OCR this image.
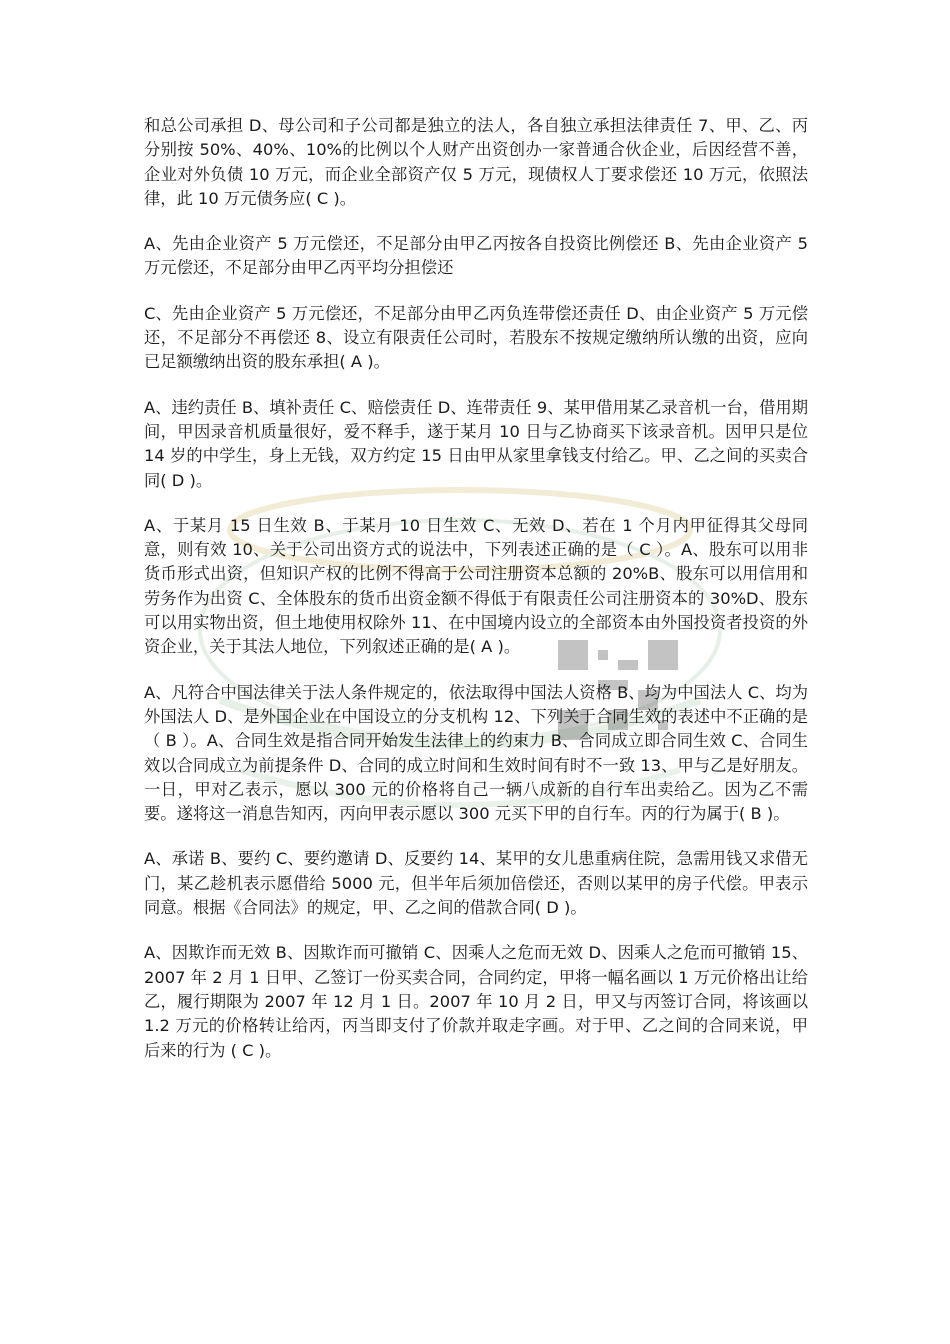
和总公司承担 D、母公司和子公司都是独立的法人，各自独立承担法律责任 7、甲、乙、丙分别按 50%、40%、10%的比例以个人财产出资创办一家普通合伙企业，后因经营不善，企业对外负债 10 万元，而企业全部资产仅 5 万元，现债权人丁要求偿还 10 万元，依照法律，此 10 万元债务应( C )。

A、先由企业资产 5 万元偿还，不足部分由甲乙丙按各自投资比例偿还 B、先由企业资产 5 万元偿还，不足部分由甲乙丙平均分担偿还

C、先由企业资产 5 万元偿还，不足部分由甲乙丙负连带偿还责任 D、由企业资产 5 万元偿还，不足部分不再偿还 8、设立有限责任公司时，若股东不按规定缴纳所认缴的出资，应向已足额缴纳出资的股东承担( A )。

A、违约责任 B、填补责任 C、赔偿责任 D、连带责任 9、某甲借用某乙录音机一台，借用期间，甲因录音机质量很好，爱不释手，遂于某月 10 日与乙协商买下该录音机。因甲只是位 14 岁的中学生，身上无钱，双方约定 15 日由甲从家里拿钱支付给乙。甲、乙之间的买卖合同( D )。

A、于某月 15 日生效 B、于某月 10 日生效 C、无效 D、若在 1 个月内甲征得其父母同意，则有效 10、关于公司出资方式的说法中，下列表述正确的是（ C ）。A、股东可以用非货币形式出资，但知识产权的比例不得高于公司注册资本总额的 20%B、股东可以用信用和劳务作为出资 C、全体股东的货币出资金额不得低于有限责任公司注册资本的 30%D、股东可以用实物出资，但土地使用权除外 11、在中国境内设立的全部资本由外国投资者投资的外资企业，关于其法人地位，下列叙述正确的是( A )。

A、凡符合中国法律关于法人条件规定的，依法取得中国法人资格 B、均为中国法人 C、均为外国法人 D、是外国企业在中国设立的分支机构 12、下列关于合同生效的表述中不正确的是（ B ）。A、合同生效是指合同开始发生法律上的约束力 B、合同成立即合同生效 C、合同生效以合同成立为前提条件 D、合同的成立时间和生效时间有时不一致 13、甲与乙是好朋友。一日，甲对乙表示，愿以 300 元的价格将自己一辆八成新的自行车出卖给乙。因为乙不需要。遂将这一消息告知丙，丙向甲表示愿以 300 元买下甲的自行车。丙的行为属于( B )。

A、承诺 B、要约 C、要约邀请 D、反要约 14、某甲的女儿患重病住院，急需用钱又求借无门，某乙趁机表示愿借给 5000 元，但半年后须加倍偿还，否则以某甲的房子代偿。甲表示同意。根据《合同法》的规定，甲、乙之间的借款合同( D )。

A、因欺诈而无效 B、因欺诈而可撤销 C、因乘人之危而无效 D、因乘人之危而可撤销 15、2007 年 2 月 1 日甲、乙签订一份买卖合同，合同约定，甲将一幅名画以 1 万元价格出让给乙，履行期限为 2007 年 12 月 1 日。2007 年 10 月 2 日，甲又与丙签订合同，将该画以 1.2 万元的价格转让给丙，丙当即支付了价款并取走字画。对于甲、乙之间的合同来说，甲后来的行为 ( C )。
